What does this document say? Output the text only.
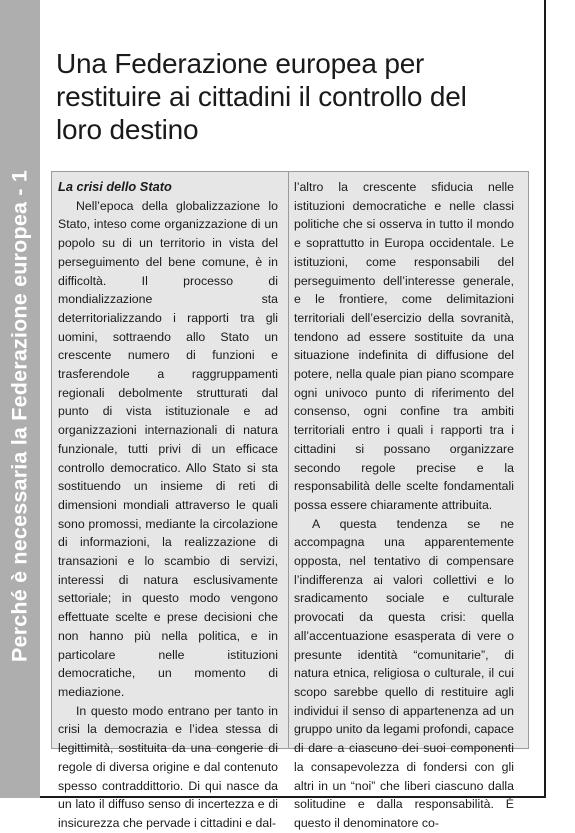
Perché è necessaria la Federazione europea - 1
Una Federazione europea per restituire ai cittadini il controllo del loro destino
La crisi dello Stato

Nell’epoca della globalizzazione lo Stato, inteso come organizzazione di un popolo su di un territorio in vista del perseguimento del bene comune, è in difficoltà. Il processo di mondializzazione sta deterritorializzando i rapporti tra gli uomini, sottraendo allo Stato un crescente numero di funzioni e trasferendole a raggruppamenti regionali debolmente strutturati dal punto di vista istituzionale e ad organizzazioni internazionali di natura funzionale, tutti privi di un efficace controllo democratico. Allo Stato si sta sostituendo un insieme di reti di dimensioni mondiali attraverso le quali sono promossi, mediante la circolazione di informazioni, la realizzazione di transazioni e lo scambio di servizi, interessi di natura esclusivamente settoriale; in questo modo vengono effettuate scelte e prese decisioni che non hanno più nella politica, e in particolare nelle istituzioni democratiche, un momento di mediazione.

In questo modo entrano per tanto in crisi la democrazia e l’idea stessa di legittimità, sostituita da una congerie di regole di diversa origine e dal contenuto spesso contraddittorio. Di qui nasce da un lato il diffuso senso di incertezza e di insicurezza che pervade i cittadini e dal-

l’altro la crescente sfiducia nelle istituzioni democratiche e nelle classi politiche che si osserva in tutto il mondo e soprattutto in Europa occidentale. Le istituzioni, come responsabili del perseguimento dell’interesse generale, e le frontiere, come delimitazioni territoriali dell’esercizio della sovranità, tendono ad essere sostituite da una situazione indefinita di diffusione del potere, nella quale pian piano scompare ogni univoco punto di riferimento del consenso, ogni confine tra ambiti territoriali entro i quali i rapporti tra i cittadini si possano organizzare secondo regole precise e la responsabilità delle scelte fondamentali possa essere chiaramente attribuita.

A questa tendenza se ne accompagna una apparentemente opposta, nel tentativo di compensare l’indifferenza ai valori collettivi e lo sradicamento sociale e culturale provocati da questa crisi: quella all’accentuazione esasperata di vere o presunte identità “comunitarie”, di natura etnica, religiosa o culturale, il cui scopo sarebbe quello di restituire agli individui il senso di appartenenza ad un gruppo unito da legami profondi, capace di dare a ciascuno dei suoi componenti la consapevolezza di fondersi con gli altri in un “noi” che liberi ciascuno dalla solitudine e dalla responsabilità. È questo il denominatore co-
